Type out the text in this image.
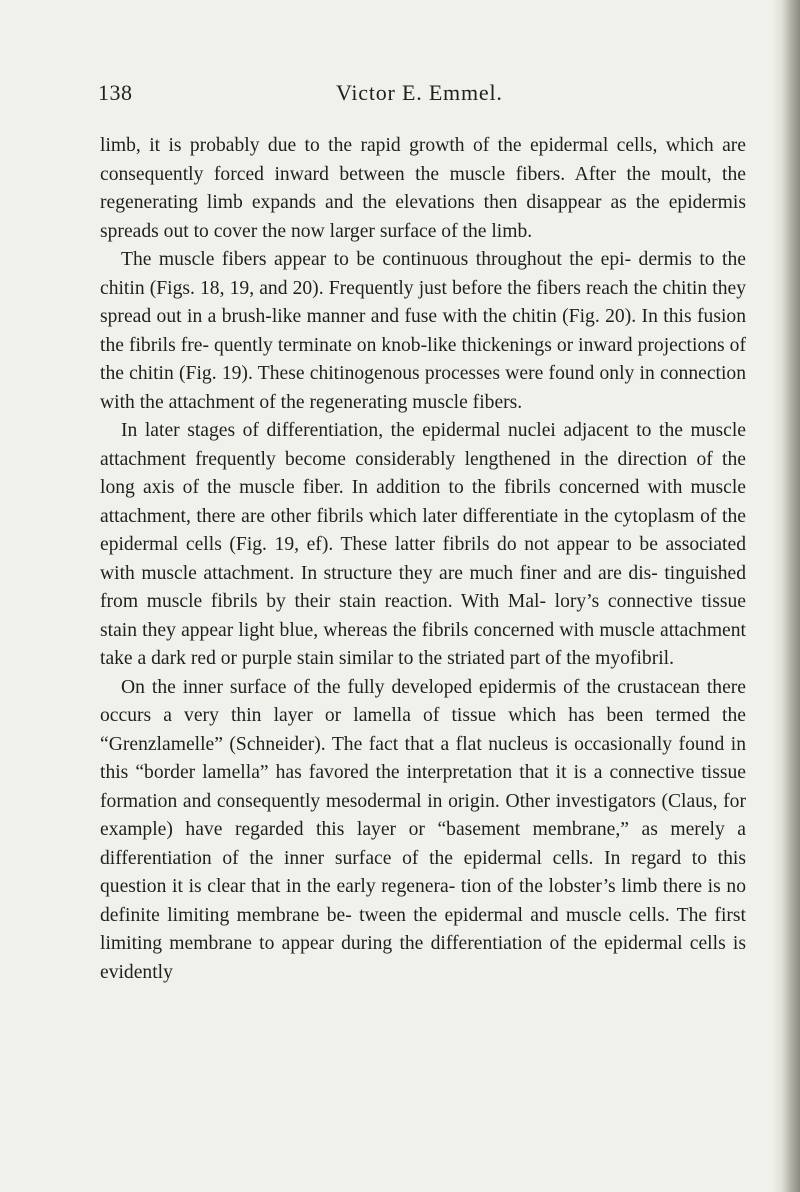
138	Victor E. Emmel.

limb, it is probably due to the rapid growth of the epidermal cells, which are consequently forced inward between the muscle fibers. After the moult, the regenerating limb expands and the elevations then disappear as the epidermis spreads out to cover the now larger surface of the limb.

The muscle fibers appear to be continuous throughout the epi- dermis to the chitin (Figs. 18, 19, and 20). Frequently just before the fibers reach the chitin they spread out in a brush-like manner and fuse with the chitin (Fig. 20). In this fusion the fibrils fre- quently terminate on knob-like thickenings or inward projections of the chitin (Fig. 19). These chitinogenous processes were found only in connection with the attachment of the regenerating muscle fibers.

In later stages of differentiation, the epidermal nuclei adjacent to the muscle attachment frequently become considerably lengthened in the direction of the long axis of the muscle fiber. In addition to the fibrils concerned with muscle attachment, there are other fibrils which later differentiate in the cytoplasm of the epidermal cells (Fig. 19, ef). These latter fibrils do not appear to be associated with muscle attachment. In structure they are much finer and are dis- tinguished from muscle fibrils by their stain reaction. With Mal- lory’s connective tissue stain they appear light blue, whereas the fibrils concerned with muscle attachment take a dark red or purple stain similar to the striated part of the myofibril.

On the inner surface of the fully developed epidermis of the crustacean there occurs a very thin layer or lamella of tissue which has been termed the “Grenzlamelle” (Schneider). The fact that a flat nucleus is occasionally found in this “border lamella” has favored the interpretation that it is a connective tissue formation and consequently mesodermal in origin. Other investigators (Claus, for example) have regarded this layer or “basement membrane,” as merely a differentiation of the inner surface of the epidermal cells. In regard to this question it is clear that in the early regenera- tion of the lobster’s limb there is no definite limiting membrane be- tween the epidermal and muscle cells. The first limiting membrane to appear during the differentiation of the epidermal cells is evidently
